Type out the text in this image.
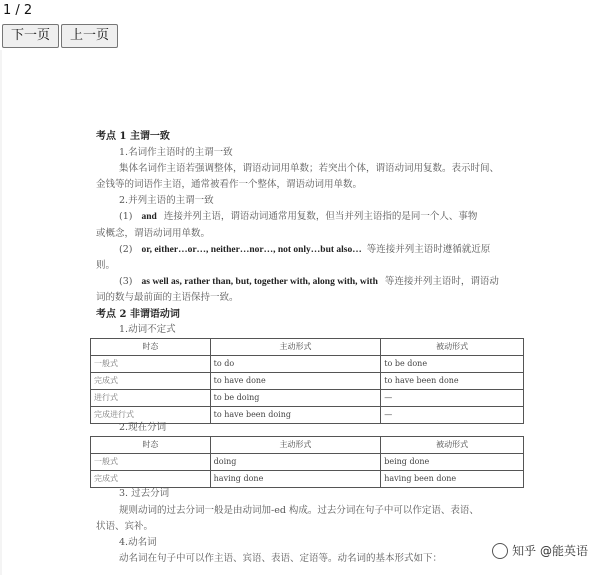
1 / 2
下一页	上一页
考点 1 主谓一致
1.名词作主语时的主谓一致
集体名词作主语若强调整体，谓语动词用单数；若突出个体，谓语动词用复数。表示时间、
金钱等的词语作主语，通常被看作一个整体，谓语动词用单数。
2.并列主语的主谓一致
(1) and 连接并列主语，谓语动词通常用复数，但当并列主语指的是同一个人、事物
或概念，谓语动词用单数。
(2) or, either…or…, neither…nor…, not only…but also… 等连接并列主语时遵循就近原
则。
(3) as well as, rather than, but, together with, along with, with 等连接并列主语时，谓语动
词的数与最前面的主语保持一致。
考点 2 非谓语动词
1.动词不定式
时态	主动形式	被动形式
一般式	to do	to be done
完成式	to have done	to have been done
进行式	to be doing	—
完成进行式	to have been doing	—
2.现在分词
时态	主动形式	被动形式
一般式	doing	being done
完成式	having done	having been done
3. 过去分词
规则动词的过去分词一般是由动词加-ed 构成。过去分词在句子中可以作定语、表语、
状语、宾补。
4.动名词
动名词在句子中可以作主语、宾语、表语、定语等。动名词的基本形式如下：
知乎 @能英语
